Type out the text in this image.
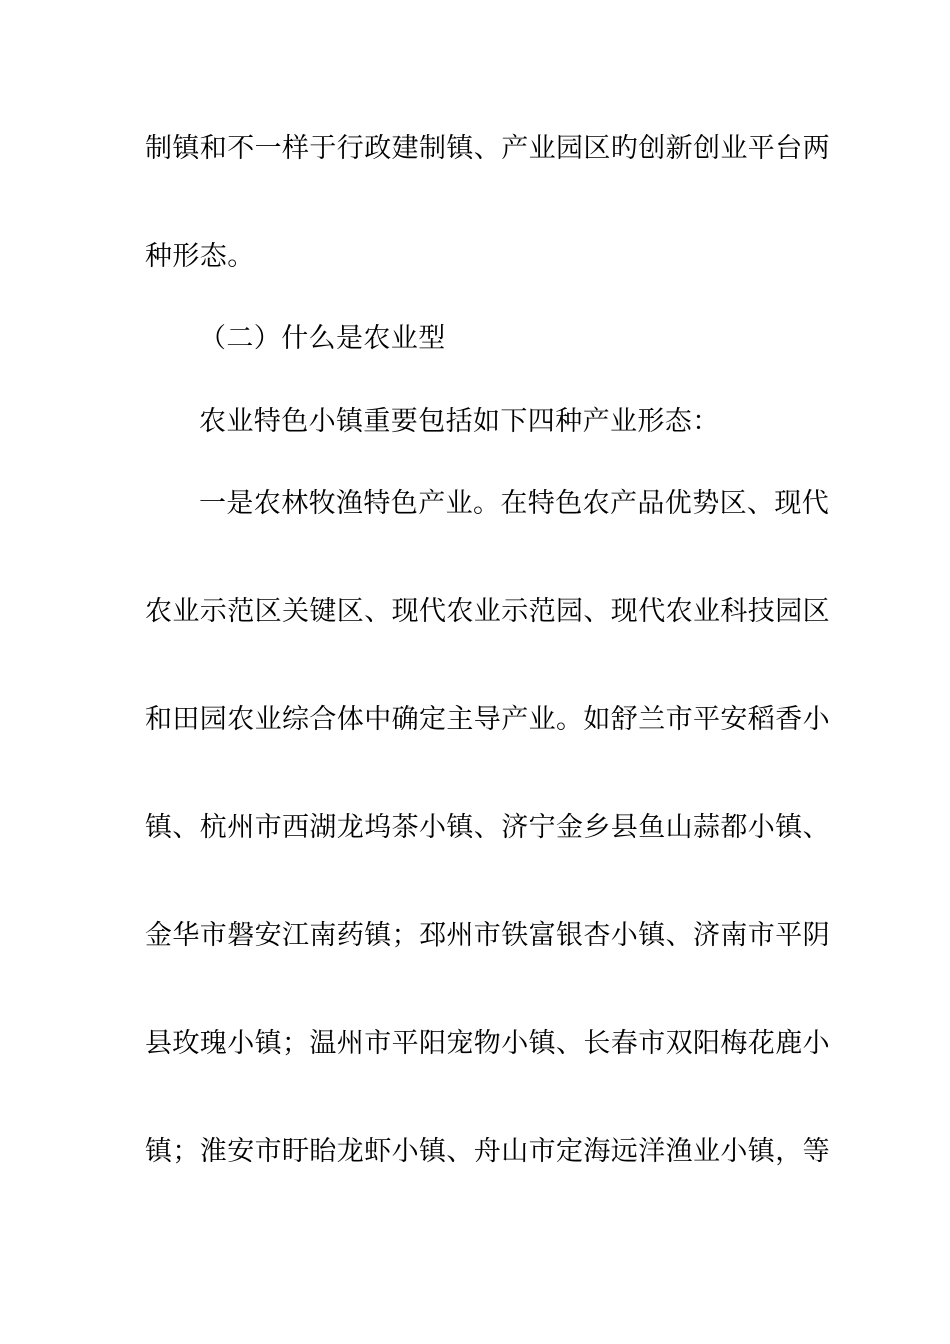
制镇和不一样于行政建制镇、产业园区旳创新创业平台两
种形态。
（二）什么是农业型
农业特色小镇重要包括如下四种产业形态：
一是农林牧渔特色产业。在特色农产品优势区、现代
农业示范区关键区、现代农业示范园、现代农业科技园区
和田园农业综合体中确定主导产业。如舒兰市平安稻香小
镇、杭州市西湖龙坞茶小镇、济宁金乡县鱼山蒜都小镇、
金华市磐安江南药镇；邳州市铁富银杏小镇、济南市平阴
县玫瑰小镇；温州市平阳宠物小镇、长春市双阳梅花鹿小
镇；淮安市盱眙龙虾小镇、舟山市定海远洋渔业小镇，等
